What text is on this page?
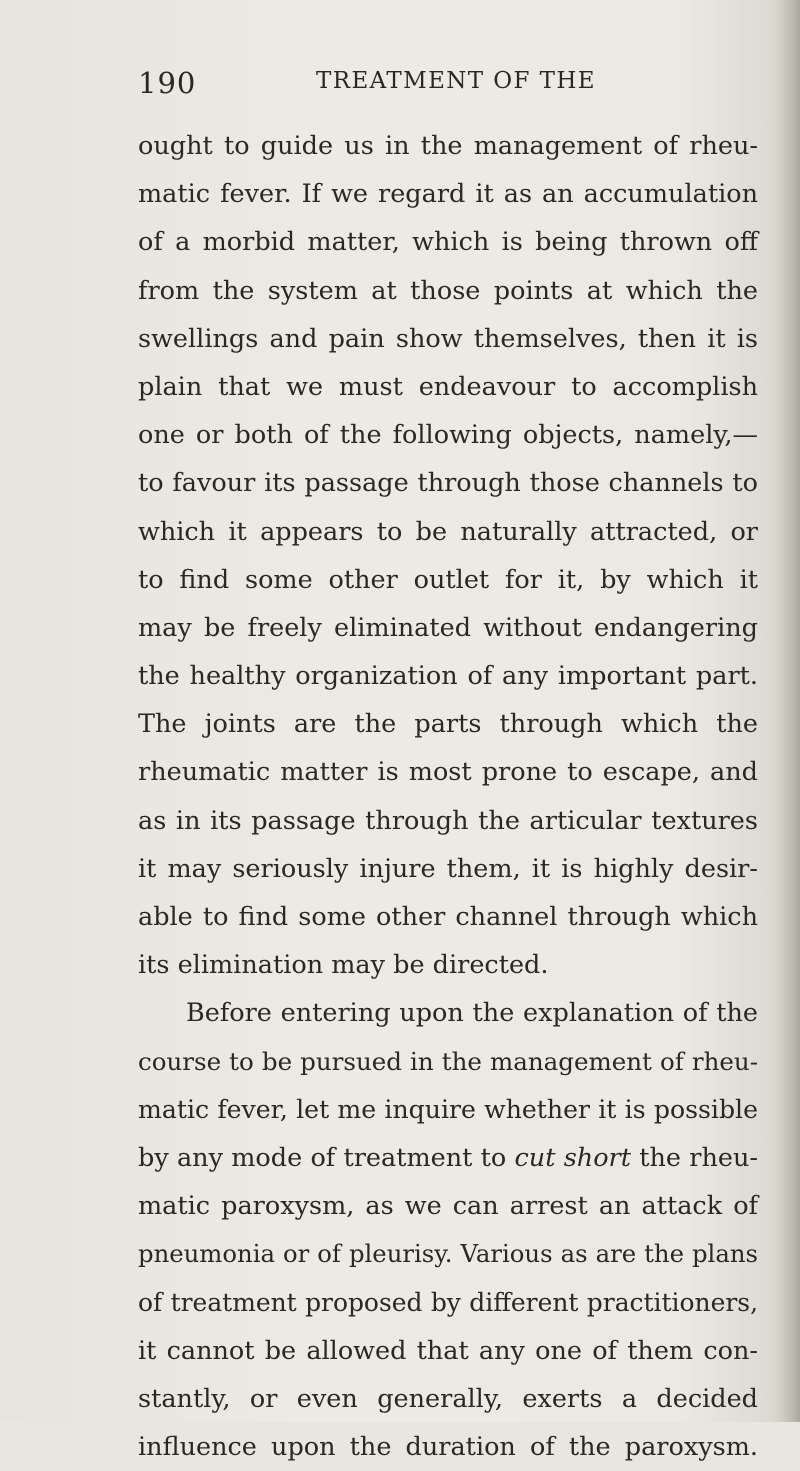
190	TREATMENT OF THE
ought to guide us in the management of rheu-
matic fever. If we regard it as an accumulation
of a morbid matter, which is being thrown off
from the system at those points at which the
swellings and pain show themselves, then it is
plain that we must endeavour to accomplish
one or both of the following objects, namely,—
to favour its passage through those channels to
which it appears to be naturally attracted, or
to find some other outlet for it, by which it
may be freely eliminated without endangering
the healthy organization of any important part.
The joints are the parts through which the
rheumatic matter is most prone to escape, and
as in its passage through the articular textures
it may seriously injure them, it is highly desir-
able to find some other channel through which
its elimination may be directed.
Before entering upon the explanation of the
course to be pursued in the management of rheu-
matic fever, let me inquire whether it is possible
by any mode of treatment to cut short the rheu-
matic paroxysm, as we can arrest an attack of
pneumonia or of pleurisy. Various as are the plans
of treatment proposed by different practitioners,
it cannot be allowed that any one of them con-
stantly, or even generally, exerts a decided
influence upon the duration of the paroxysm.
